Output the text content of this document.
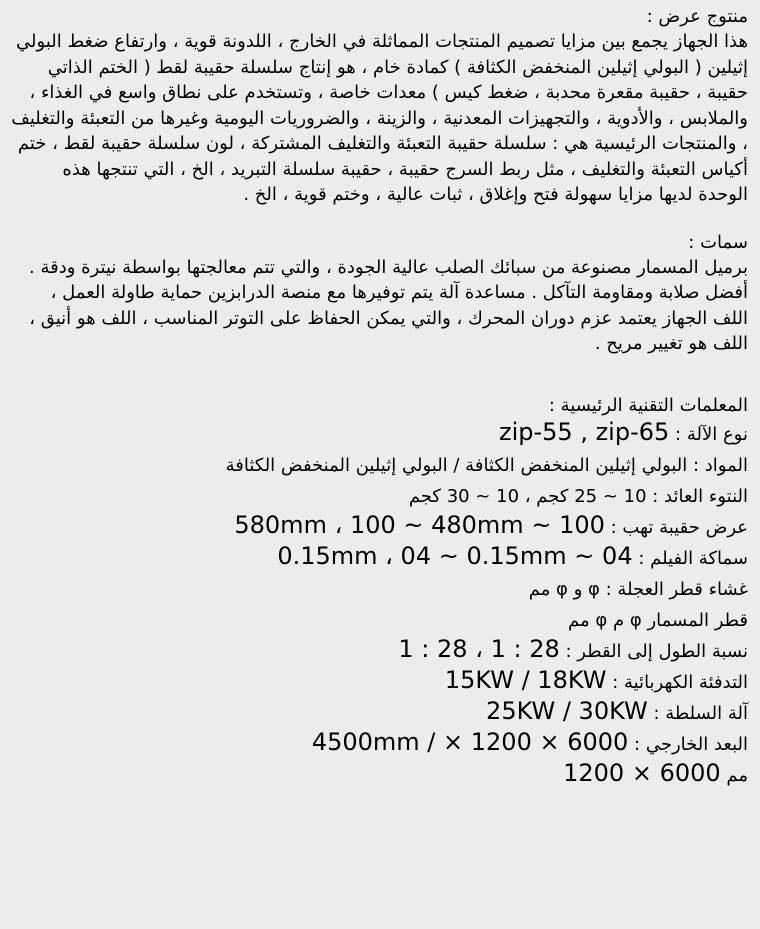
منتوج عرض :

هذا الجهاز يجمع بين مزايا تصميم المنتجات المماثلة في الخارج ، اللدونة قوية ، وارتفاع ضغط البولي إثيلين ( البولي إثيلين المنخفض الكثافة ) كمادة خام ، هو إنتاج سلسلة حقيبة لقط ( الختم الذاتي حقيبة ، حقيبة مقعرة محدبة ، ضغط كيس ) معدات خاصة ، وتستخدم على نطاق واسع في الغذاء ، والملابس ، والأدوية ، والتجهيزات المعدنية ، والزينة ، والضروريات اليومية وغيرها من التعبئة والتغليف ، والمنتجات الرئيسية هي : سلسلة حقيبة التعبئة والتغليف المشتركة ، لون سلسلة حقيبة لقط ، ختم أكياس التعبئة والتغليف ، مثل ربط السرج حقيبة ، حقيبة سلسلة التبريد ، الخ ، التي تنتجها هذه الوحدة لديها مزايا سهولة فتح وإغلاق ، ثبات عالية ، وختم قوية ، الخ .

سمات :

برميل المسمار مصنوعة من سبائك الصلب عالية الجودة ، والتي تتم معالجتها بواسطة نيترة ودقة . أفضل صلابة ومقاومة التآكل . مساعدة آلة يتم توفيرها مع منصة الدرابزين حماية طاولة العمل ، اللف الجهاز يعتمد عزم دوران المحرك ، والتي يمكن الحفاظ على التوتر المناسب ، اللف هو أنيق ، اللف هو تغيير مريح .

المعلمات التقنية الرئيسية :

نوع الآلة : zip-55 , zip-65

المواد : البولي إثيلين المنخفض الكثافة / البولي إثيلين المنخفض الكثافة

النتوء العائد : 10 ~ 25 كجم ، 10 ~ 30 كجم

عرض حقيبة تهب : 100 ~ 580mm ، 100 ~ 480mm

سماكة الفيلم : 04 ~ 0.15mm ، 04 ~ 0.15mm

غشاء قطر العجلة : φ و φ مم

قطر المسمار φ م φ مم

نسبة الطول إلى القطر : 28 : 1 ، 28 : 1

التدفئة الكهربائية : 15KW / 18KW

آلة السلطة : 25KW / 30KW

البعد الخارجي : 6000 × 1200 × / 4500mm

مم 6000 × 1200
